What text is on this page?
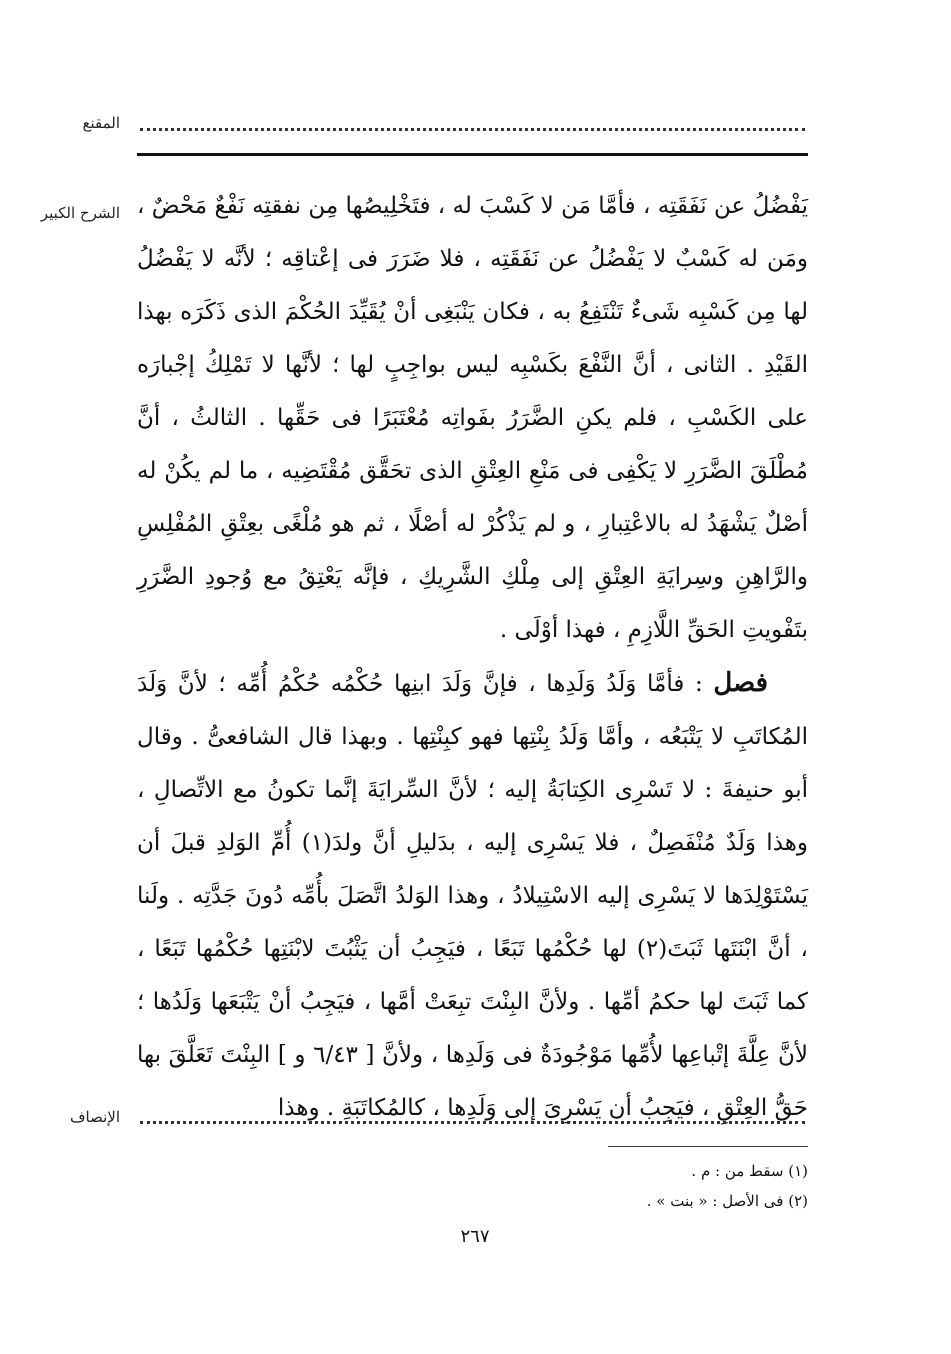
المقنع
الشرح الكبير يَفْضُلُ عن نَفَقَتِه ، فأمَّا مَن لا كَسْبَ له ، فتَخْلِيصُها مِن نفقتِه نَفْعٌ مَحْضٌ ، ومَن له كَسْبٌ لا يَفْضُلُ عن نَفَقَتِه ، فلا ضَرَرَ فى إعْتاقِه ؛ لأنَّه لا يَفْضُلُ لها مِن كَسْبِه شَىءٌ تَنْتَفِعُ به ، فكان يَنْبَغِى أنْ يُقَيِّدَ الحُكْمَ الذى ذَكَرَه بهذا القَيْدِ . الثانى ، أنَّ النَّفْعَ بكَسْبِه ليس بواجِبٍ لها ؛ لأنَّها لا تَمْلِكُ إجْبارَه على الكَسْبِ ، فلم يكنِ الضَّرَرُ بفَواتِه مُعْتَبَرًا فى حَقِّها . الثالثُ ، أنَّ مُطْلَقَ الضَّرَرِ لا يَكْفِى فى مَنْعِ العِتْقِ الذى تحَقَّق مُقْتَضِيه ، ما لم يكُنْ له أصْلٌ يَشْهَدُ له بالاعْتِبارِ ، و لم يَذْكُرْ له أصْلًا ، ثم هو مُلْغًى بعِتْقِ المُفْلِسِ والرَّاهِنِ وسِرايَةِ العِتْقِ إلى مِلْكِ الشَّرِيكِ ، فإنَّه يَعْتِقُ مع وُجودِ الضَّرَرِ بتَفْويتِ الحَقِّ اللَّازِمِ ، فهذا أوْلَى .

فصل : فأمَّا وَلَدُ وَلَدِها ، فإنَّ وَلَدَ ابنِها حُكْمُه حُكْمُ أُمِّه ؛ لأنَّ وَلَدَ المُكاتَبِ لا يَتْبَعُه ، وأمَّا وَلَدُ بِنْتِها فهو كبِنْتِها . وبهذا قال الشافعىُّ . وقال أبو حنيفةَ : لا تَسْرِى الكِتابَةُ إليه ؛ لأنَّ السِّرايَةَ إنَّما تكونُ مع الاتِّصالِ ، وهذا وَلَدٌ مُنْفَصِلٌ ، فلا يَسْرِى إليه ، بدَليلِ أنَّ ولدَ(١) أُمِّ الوَلدِ قبلَ أن يَسْتَوْلِدَها لا يَسْرِى إليه الاسْتِيلادُ ، وهذا الوَلدُ اتَّصَلَ بأُمِّه دُونَ جَدَّتِه . ولَنا ، أنَّ ابْنَتَها ثَبَتَ(٢) لها حُكْمُها تَبَعًا ، فيَجِبُ أن يَثْبُتَ لابْنَتِها حُكْمُها تَبَعًا ، كما ثَبَتَ لها حكمُ أمِّها . ولأنَّ البِنْتَ تبِعَتْ أمَّها ، فيَجِبُ أنْ يَتْبَعَها وَلَدُها ؛ لأنَّ عِلَّةَ إتْباعِها لأُمِّها مَوْجُودَةٌ فى وَلَدِها ، ولأنَّ [ ٦/٤٣ و ] البِنْتَ تَعَلَّقَ بها حَقُّ العِتْقِ ، فيَجِبُ أن يَسْرِىَ إلى وَلَدِها ، كالمُكاتَبَةِ . وهذا

الإنصاف
(١) سقط من : م .
(٢) فى الأصل : « بنت » .
٢٦٧
